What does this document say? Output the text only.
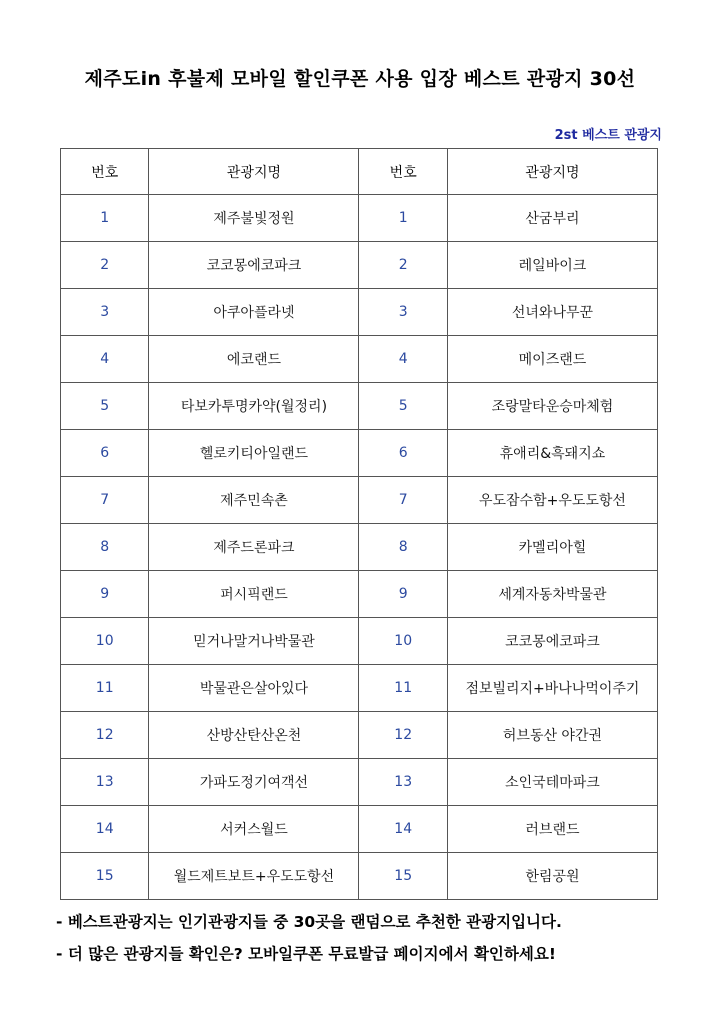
제주도in 후불제 모바일 할인쿠폰 사용 입장 베스트 관광지 30선
2st 베스트 관광지
번호	관광지명	번호	관광지명
1	제주불빛정원	1	산굼부리
2	코코몽에코파크	2	레일바이크
3	아쿠아플라넷	3	선녀와나무꾼
4	에코랜드	4	메이즈랜드
5	타보카투명카약(월정리)	5	조랑말타운승마체험
6	헬로키티아일랜드	6	휴애리&흑돼지쇼
7	제주민속촌	7	우도잠수함+우도도항선
8	제주드론파크	8	카멜리아힐
9	퍼시픽랜드	9	세계자동차박물관
10	믿거나말거나박물관	10	코코몽에코파크
11	박물관은살아있다	11	점보빌리지+바나나먹이주기
12	산방산탄산온천	12	허브동산 야간권
13	가파도정기여객선	13	소인국테마파크
14	서커스월드	14	러브랜드
15	월드제트보트+우도도항선	15	한림공원
- 베스트관광지는 인기관광지들 중 30곳을 랜덤으로 추천한 관광지입니다.
- 더 많은 관광지들 확인은? 모바일쿠폰 무료발급 페이지에서 확인하세요!
